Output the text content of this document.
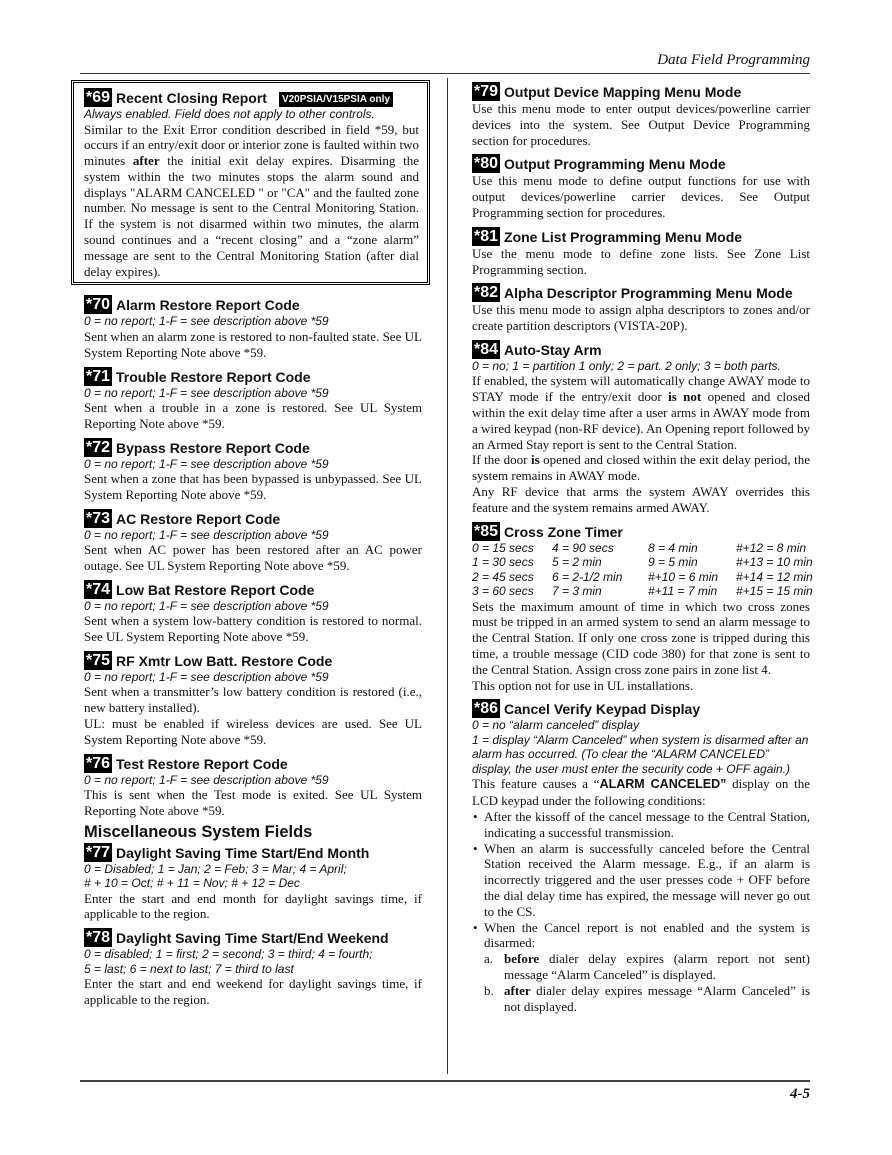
Data Field Programming
*69 Recent Closing Report V20PSIA/V15PSIA only
Always enabled. Field does not apply to other controls.
Similar to the Exit Error condition described in field *59, but occurs if an entry/exit door or interior zone is faulted within two minutes after the initial exit delay expires. Disarming the system within the two minutes stops the alarm sound and displays "ALARM CANCELED " or "CA" and the faulted zone number. No message is sent to the Central Monitoring Station. If the system is not disarmed within two minutes, the alarm sound continues and a “recent closing” and a “zone alarm” message are sent to the Central Monitoring Station (after dial delay expires).
*70 Alarm Restore Report Code
0 = no report; 1-F = see description above *59
Sent when an alarm zone is restored to non-faulted state. See UL System Reporting Note above *59.
*71 Trouble Restore Report Code
0 = no report; 1-F = see description above *59
Sent when a trouble in a zone is restored. See UL System Reporting Note above *59.
*72 Bypass Restore Report Code
0 = no report; 1-F = see description above *59
Sent when a zone that has been bypassed is unbypassed. See UL System Reporting Note above *59.
*73 AC Restore Report Code
0 = no report; 1-F = see description above *59
Sent when AC power has been restored after an AC power outage. See UL System Reporting Note above *59.
*74 Low Bat Restore Report Code
0 = no report; 1-F = see description above *59
Sent when a system low-battery condition is restored to normal. See UL System Reporting Note above *59.
*75 RF Xmtr Low Batt. Restore Code
0 = no report; 1-F = see description above *59
Sent when a transmitter’s low battery condition is restored (i.e., new battery installed).
UL: must be enabled if wireless devices are used. See UL System Reporting Note above *59.
*76 Test Restore Report Code
0 = no report; 1-F = see description above *59
This is sent when the Test mode is exited. See UL System Reporting Note above *59.
Miscellaneous System Fields
*77 Daylight Saving Time Start/End Month
0 = Disabled; 1 = Jan; 2 = Feb; 3 = Mar; 4 = April;
# + 10 = Oct; # + 11 = Nov; # + 12 = Dec
Enter the start and end month for daylight savings time, if applicable to the region.
*78 Daylight Saving Time Start/End Weekend
0 = disabled; 1 = first; 2 = second; 3 = third; 4 = fourth;
5 = last; 6 = next to last; 7 = third to last
Enter the start and end weekend for daylight savings time, if applicable to the region.
*79 Output Device Mapping Menu Mode
Use this menu mode to enter output devices/powerline carrier devices into the system. See Output Device Programming section for procedures.
*80 Output Programming Menu Mode
Use this menu mode to define output functions for use with output devices/powerline carrier devices. See Output Programming section for procedures.
*81 Zone List Programming Menu Mode
Use the menu mode to define zone lists. See Zone List Programming section.
*82 Alpha Descriptor Programming Menu Mode
Use this menu mode to assign alpha descriptors to zones and/or create partition descriptors (VISTA-20P).
*84 Auto-Stay Arm
0 = no; 1 = partition 1 only; 2 = part. 2 only; 3 = both parts.
If enabled, the system will automatically change AWAY mode to STAY mode if the entry/exit door is not opened and closed within the exit delay time after a user arms in AWAY mode from a wired keypad (non-RF device). An Opening report followed by an Armed Stay report is sent to the Central Station.
If the door is opened and closed within the exit delay period, the system remains in AWAY mode.
Any RF device that arms the system AWAY overrides this feature and the system remains armed AWAY.
*85 Cross Zone Timer
0 = 15 secs	4 = 90 secs	8 = 4 min	#+12 = 8 min
1 = 30 secs	5 = 2 min	9 = 5 min	#+13 = 10 min
2 = 45 secs	6 = 2-1/2 min	#+10 = 6 min	#+14 = 12 min
3 = 60 secs	7 = 3 min	#+11 = 7 min	#+15 = 15 min
Sets the maximum amount of time in which two cross zones must be tripped in an armed system to send an alarm message to the Central Station. If only one cross zone is tripped during this time, a trouble message (CID code 380) for that zone is sent to the Central Station. Assign cross zone pairs in zone list 4.
This option not for use in UL installations.
*86 Cancel Verify Keypad Display
0 = no “alarm canceled” display
1 = display “Alarm Canceled” when system is disarmed after an alarm has occurred. (To clear the “ALARM CANCELED” display, the user must enter the security code + OFF again.)
This feature causes a “ALARM CANCELED” display on the LCD keypad under the following conditions:
• After the kissoff of the cancel message to the Central Station, indicating a successful transmission.
• When an alarm is successfully canceled before the Central Station received the Alarm message. E.g., if an alarm is incorrectly triggered and the user presses code + OFF before the dial delay time has expired, the message will never go out to the CS.
• When the Cancel report is not enabled and the system is disarmed:
a. before dialer delay expires (alarm report not sent) message “Alarm Canceled” is displayed.
b. after dialer delay expires message “Alarm Canceled” is not displayed.
4-5
